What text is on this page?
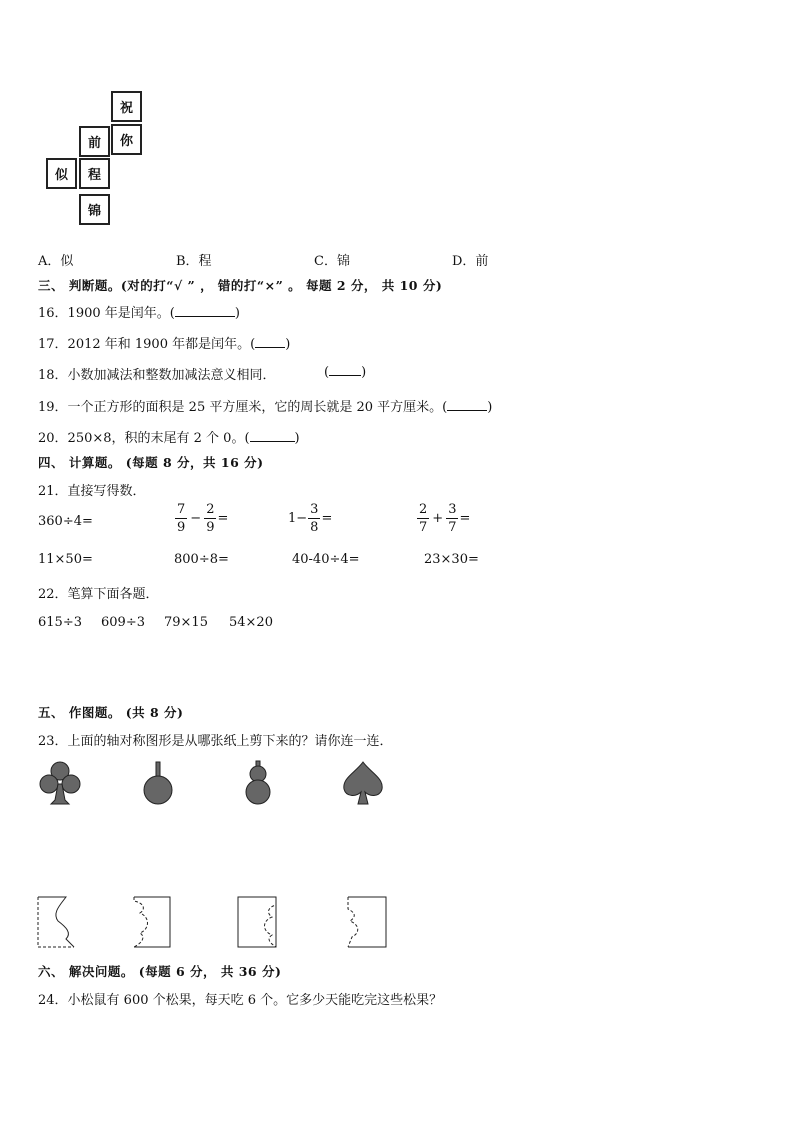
祝
你
前
似	程
锦
A．似	B．程	C．锦	D．前
三、 判断题。(对的打“√ ” ， 错的打“×” 。 每题 2 分， 共 10 分)
16．1900 年是闰年。(	)
17．2012 年和 1900 年都是闰年。( )
18．小数加减法和整数加减法意义相同．	( )
19．一个正方形的面积是 25 平方厘米，它的周长就是 20 平方厘米。(	)
20．250×8，积的末尾有 2 个 0。(	)
四、 计算题。 (每题 8 分，共 16 分)
21．直接写得数．
360÷4=	$\frac{7}{9} - \frac{2}{9}$ =	$1- \frac{3}{8}$ =	$\frac{2}{7} + \frac{3}{7}$ =
11×50=	800÷8=	40-40÷4=	23×30=
22．笔算下面各题．
615÷3 609÷3 79×15 54×20
五、 作图题。 (共 8 分)
23．上面的轴对称图形是从哪张纸上剪下来的？请你连一连．
六、 解决问题。 (每题 6 分， 共 36 分)
24．小松鼠有 600 个松果，每天吃 6 个。它多少天能吃完这些松果？
